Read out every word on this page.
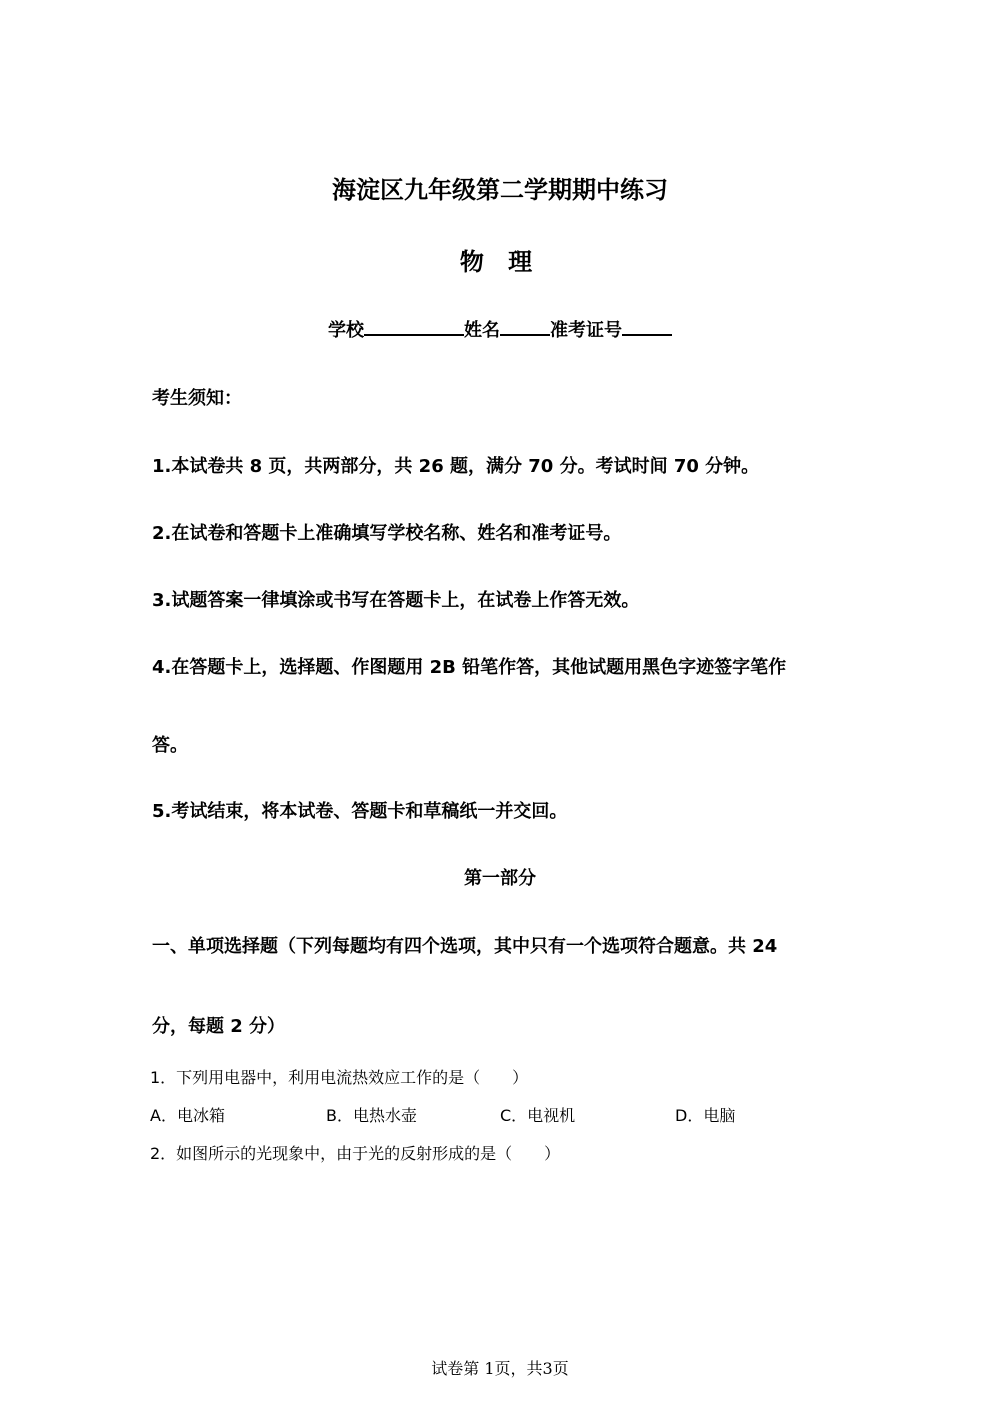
海淀区九年级第二学期期中练习
物 理
学校	姓名	准考证号
考生须知：
1.本试卷共 8 页，共两部分，共 26 题，满分 70 分。考试时间 70 分钟。
2.在试卷和答题卡上准确填写学校名称、姓名和准考证号。
3.试题答案一律填涂或书写在答题卡上，在试卷上作答无效。
4.在答题卡上，选择题、作图题用 2B 铅笔作答，其他试题用黑色字迹签字笔作
答。
5.考试结束，将本试卷、答题卡和草稿纸一并交回。
第一部分
一、单项选择题（下列每题均有四个选项，其中只有一个选项符合题意。共 24
分，每题 2 分）
1．下列用电器中，利用电流热效应工作的是（　　）
A．电冰箱	B．电热水壶	C．电视机	D．电脑
2．如图所示的光现象中，由于光的反射形成的是（　　）
试卷第 1页，共3页
